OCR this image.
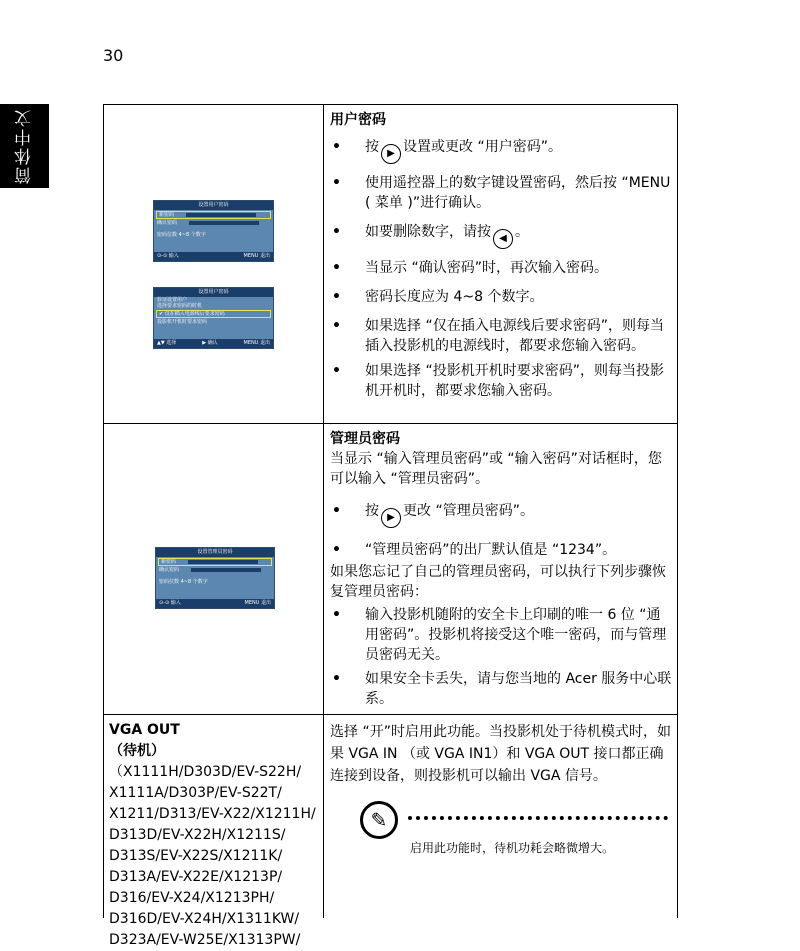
30
简体中文
设置用户密码
新密码
确认密码
密码位数 4~8 个数字
⊙-⊙ 输入	MENU 退出
设置用户密码
验证设置用户
选择要求密码的时机
✔ 仅在插入电源线后要求密码
投影机开机时要求密码
▲▼ 选择	▶ 确认	MENU 退出
用户密码
• 按 ▶ 设置或更改 “用户密码”。
• 使用遥控器上的数字键设置密码，然后按 “MENU ( 菜单 )”进行确认。
• 如要删除数字，请按 ◀ 。
• 当显示 “确认密码”时，再次输入密码。
• 密码长度应为 4~8 个数字。
• 如果选择 “仅在插入电源线后要求密码”，则每当插入投影机的电源线时，都要求您输入密码。
• 如果选择 “投影机开机时要求密码”，则每当投影机开机时，都要求您输入密码。
设置管理员密码
新密码
确认密码
密码位数 4~8 个数字
⊙-⊙ 输入	MENU 退出
管理员密码
当显示 “输入管理员密码”或 “输入密码”对话框时，您可以输入 “管理员密码”。
• 按 ▶ 更改 “管理员密码”。
• “管理员密码”的出厂默认值是 “1234”。
如果您忘记了自己的管理员密码，可以执行下列步骤恢复管理员密码：
• 输入投影机随附的安全卡上印刷的唯一 6 位 “通用密码”。投影机将接受这个唯一密码，而与管理员密码无关。
• 如果安全卡丢失，请与您当地的 Acer 服务中心联系。
VGA OUT
（待机）
（X1111H/D303D/EV-S22H/
X1111A/D303P/EV-S22T/
X1211/D313/EV-X22/X1211H/
D313D/EV-X22H/X1211S/
D313S/EV-X22S/X1211K/
D313A/EV-X22E/X1213P/
D316/EV-X24/X1213PH/
D316D/EV-X24H/X1311KW/
D323A/EV-W25E/X1313PW/
选择 “开”时启用此功能。当投影机处于待机模式时，如果 VGA IN （或 VGA IN1）和 VGA OUT 接口都正确连接到设备，则投影机可以输出 VGA 信号。
✎
启用此功能时，待机功耗会略微增大。
